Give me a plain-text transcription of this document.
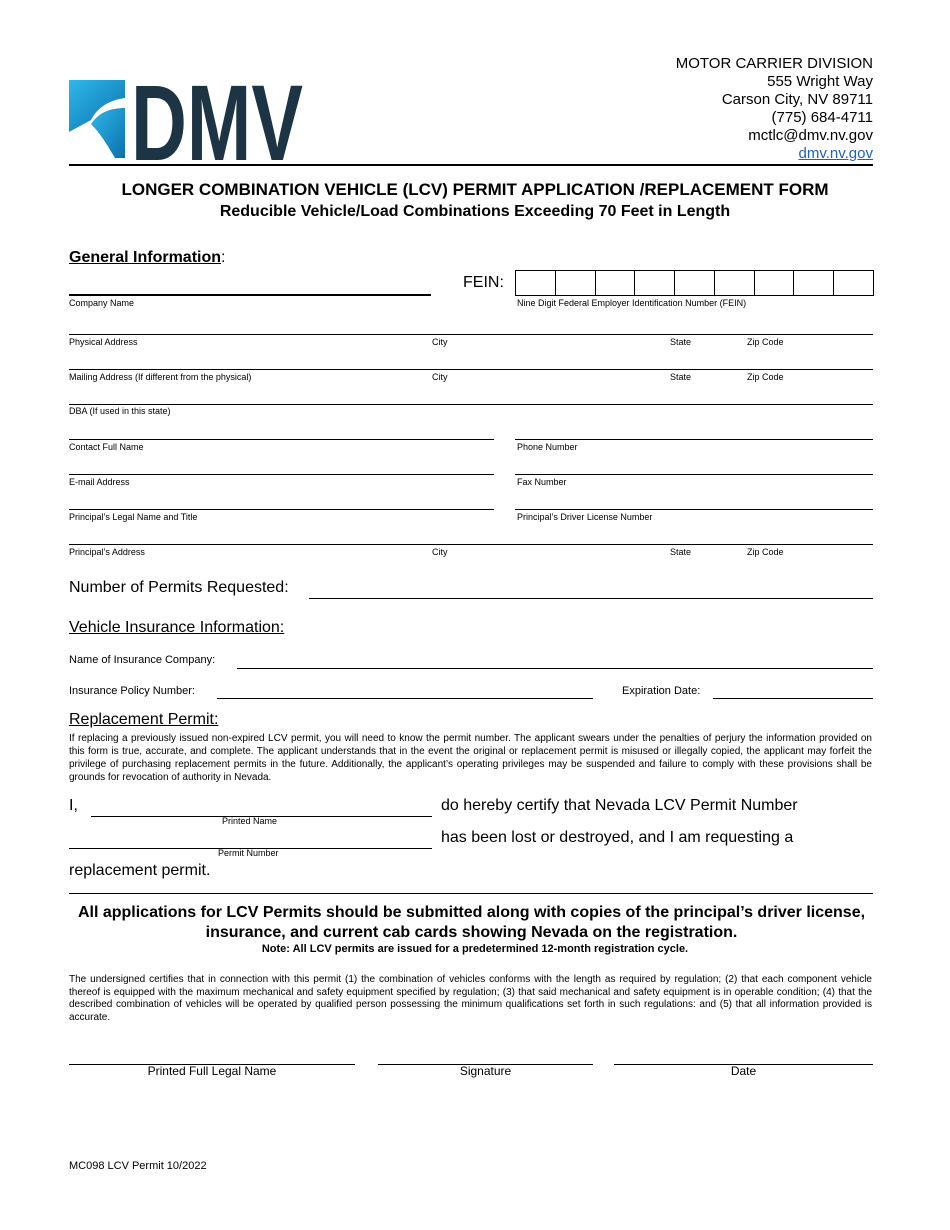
DMV	MOTOR CARRIER DIVISION
555 Wright Way
Carson City, NV 89711
(775) 684-4711
mctlc@dmv.nv.gov
dmv.nv.gov
LONGER COMBINATION VEHICLE (LCV) PERMIT APPLICATION /REPLACEMENT FORM
Reducible Vehicle/Load Combinations Exceeding 70 Feet in Length
General Information:
FEIN:
Company Name	Nine Digit Federal Employer Identification Number (FEIN)
Physical Address	City	State	Zip Code
Mailing Address (If different from the physical)	City	State	Zip Code
DBA (If used in this state)
Contact Full Name	Phone Number
E-mail Address	Fax Number
Principal’s Legal Name and Title	Principal’s Driver License Number
Principal’s Address	City	State	Zip Code
Number of Permits Requested:
Vehicle Insurance Information:
Name of Insurance Company:
Insurance Policy Number:	Expiration Date:
Replacement Permit:
If replacing a previously issued non-expired LCV permit, you will need to know the permit number. The applicant swears under the penalties of perjury the information provided on this form is true, accurate, and complete. The applicant understands that in the event the original or replacement permit is misused or illegally copied, the applicant may forfeit the privilege of purchasing replacement permits in the future. Additionally, the applicant’s operating privileges may be suspended and failure to comply with these provisions shall be grounds for revocation of authority in Nevada.
I,
Printed Name
do hereby certify that Nevada LCV Permit Number
Permit Number
has been lost or destroyed, and I am requesting a
replacement permit.
All applications for LCV Permits should be submitted along with copies of the principal’s driver license, insurance, and current cab cards showing Nevada on the registration.
Note: All LCV permits are issued for a predetermined 12-month registration cycle.
The undersigned certifies that in connection with this permit (1) the combination of vehicles conforms with the length as required by regulation; (2) that each component vehicle thereof is equipped with the maximum mechanical and safety equipment specified by regulation; (3) that said mechanical and safety equipment is in operable condition; (4) that the described combination of vehicles will be operated by qualified person possessing the minimum qualifications set forth in such regulations: and (5) that all information provided is accurate.
Printed Full Legal Name	Signature	Date
MC098 LCV Permit 10/2022
